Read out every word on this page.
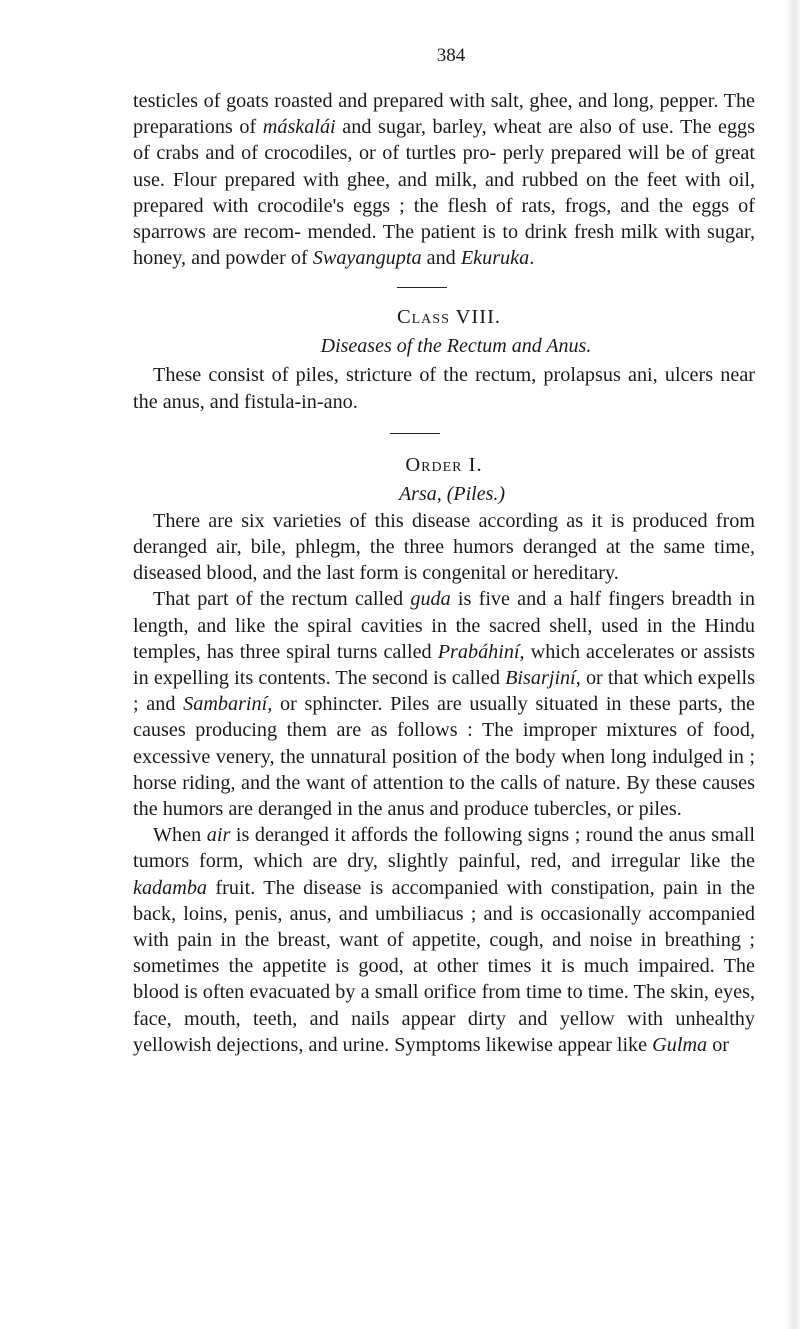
384

testicles of goats roasted and prepared with salt, ghee, and long, pepper. The preparations of máskalái and sugar, barley, wheat are also of use. The eggs of crabs and of crocodiles, or of turtles pro- perly prepared will be of great use. Flour prepared with ghee, and milk, and rubbed on the feet with oil, prepared with crocodile's eggs ; the flesh of rats, frogs, and the eggs of sparrows are recom- mended. The patient is to drink fresh milk with sugar, honey, and powder of Swayangupta and Ekuruka.

Class VIII.
Diseases of the Rectum and Anus.

These consist of piles, stricture of the rectum, prolapsus ani, ulcers near the anus, and fistula-in-ano.

Order I.
Arsa, (Piles.)

There are six varieties of this disease according as it is produced from deranged air, bile, phlegm, the three humors deranged at the same time, diseased blood, and the last form is congenital or hereditary.

That part of the rectum called guda is five and a half fingers breadth in length, and like the spiral cavities in the sacred shell, used in the Hindu temples, has three spiral turns called Prabáhiní, which accelerates or assists in expelling its contents. The second is called Bisarjiní, or that which expells ; and Sambariní, or sphincter. Piles are usually situated in these parts, the causes producing them are as follows : The improper mixtures of food, excessive venery, the unnatural position of the body when long indulged in ; horse riding, and the want of attention to the calls of nature. By these causes the humors are deranged in the anus and produce tubercles, or piles.

When air is deranged it affords the following signs ; round the anus small tumors form, which are dry, slightly painful, red, and irregular like the kadamba fruit. The disease is accompanied with constipation, pain in the back, loins, penis, anus, and umbiliacus ; and is occasionally accompanied with pain in the breast, want of appetite, cough, and noise in breathing ; sometimes the appetite is good, at other times it is much impaired. The blood is often evacuated by a small orifice from time to time. The skin, eyes, face, mouth, teeth, and nails appear dirty and yellow with unhealthy yellowish dejections, and urine. Symptoms likewise appear like Gulma or
